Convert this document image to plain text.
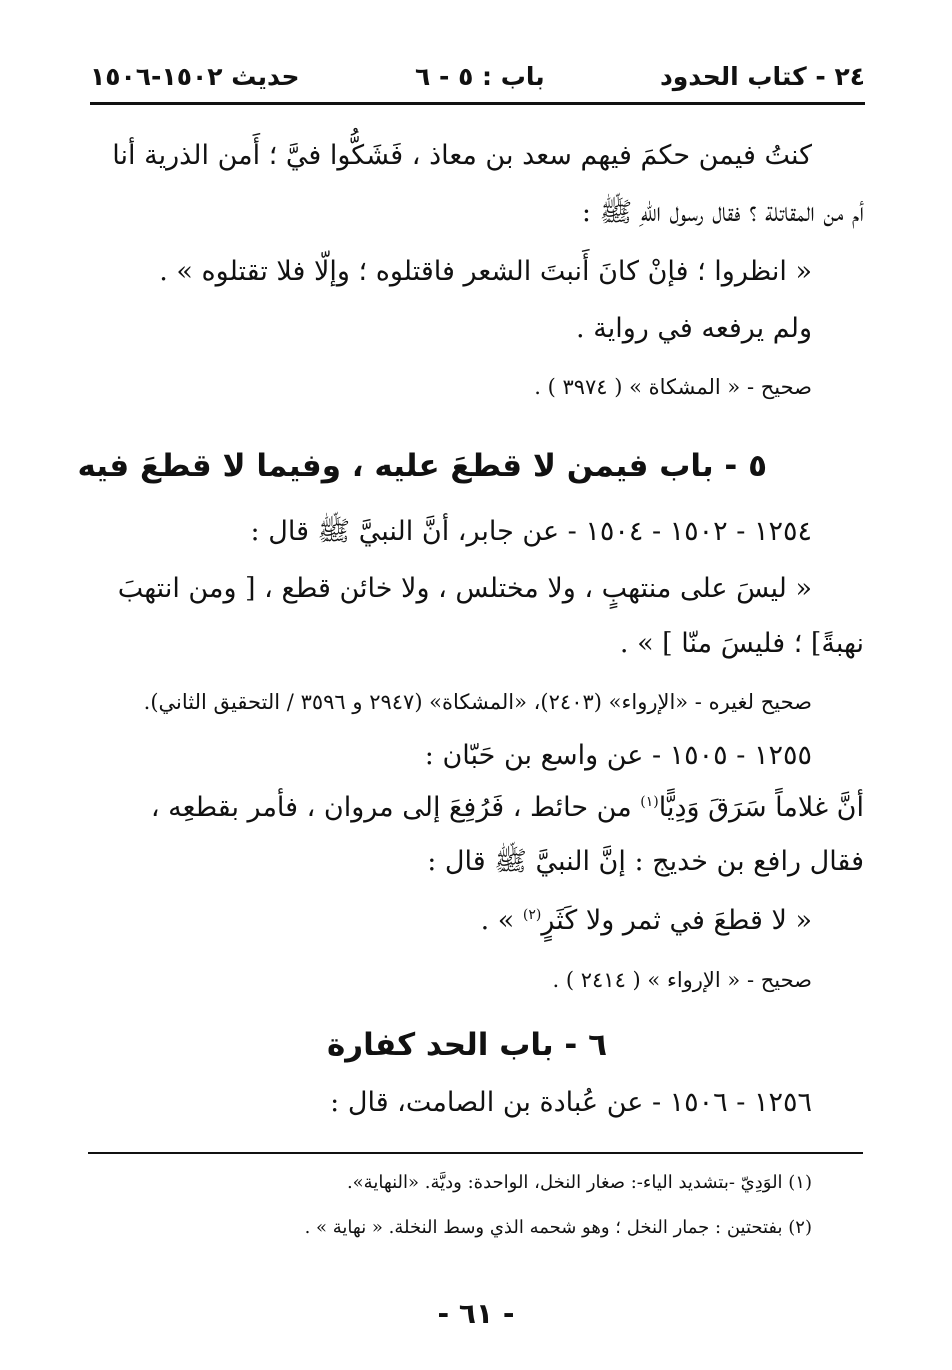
٢٤ - كتاب الحدود
باب : ٥ - ٦
حديث ١٥٠٢-١٥٠٦
كنتُ فيمن حكمَ فيهم سعد بن معاذ ، فَشَكُّوا فيَّ ؛ أَمن الذرية أنا
أم من المقاتلة ؟ فقال رسول اللهِ ﷺ :
« انظروا ؛ فإنْ كانَ أَنبتَ الشعر فاقتلوه ؛ وإلّا فلا تقتلوه » .
ولم يرفعه في رواية .
صحيح - « المشكاة » ( ٣٩٧٤ ) .
٥ - باب فيمن لا قطعَ عليه ، وفيما لا قطعَ فيه
١٢٥٤ - ١٥٠٢ - ١٥٠٤ - عن جابر، أنَّ النبيَّ ﷺ قال :
« ليسَ على منتهبٍ ، ولا مختلس ، ولا خائن قطع ، [ ومن انتهبَ
نهبةً] ؛ فليسَ منّا ] » .
صحيح لغيره - «الإرواء» (٢٤٠٣)، «المشكاة» (٢٩٤٧ و ٣٥٩٦ / التحقيق الثاني).
١٢٥٥ - ١٥٠٥ - عن واسع بن حَبّان :
أنَّ غلاماً سَرَقَ وَدِيًّا$^{(١)}$ من حائط ، فَرُفِعَ إلى مروان ، فأمر بقطعِه ،
فقال رافع بن خديج : إنَّ النبيَّ ﷺ قال :
« لا قطعَ في ثمر ولا كَثَرٍ$^{(٢)}$ » .
صحيح - « الإرواء » ( ٢٤١٤ ) .
٦ - باب الحد كفارة
١٢٥٦ - ١٥٠٦ - عن عُبادة بن الصامت، قال :
(١) الوَدِيّ -بتشديد الياء-: صغار النخل، الواحدة: وديَّة. «النهاية».
(٢) بفتحتين : جمار النخل ؛ وهو شحمه الذي وسط النخلة. « نهاية » .
- ٦١ -
